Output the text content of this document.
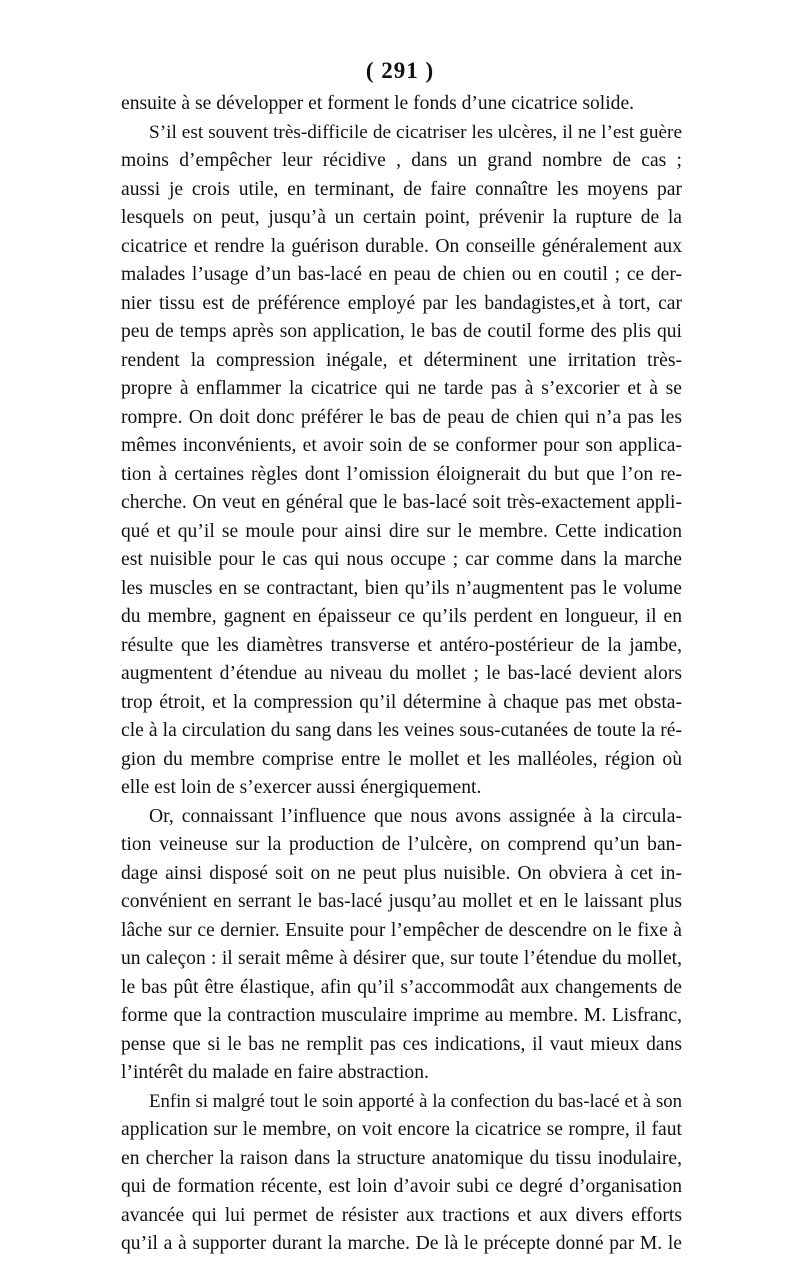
( 291 )
ensuite à se développer et forment le fonds d’une cicatrice solide.
S’il est souvent très-difficile de cicatriser les ulcères, il ne l’est guère
moins d’empêcher leur récidive , dans un grand nombre de cas ;
aussi je crois utile, en terminant, de faire connaître les moyens par
lesquels on peut, jusqu’à un certain point, prévenir la rupture de la
cicatrice et rendre la guérison durable. On conseille généralement aux
malades l’usage d’un bas-lacé en peau de chien ou en coutil ; ce der-
nier tissu est de préférence employé par les bandagistes,et à tort, car
peu de temps après son application, le bas de coutil forme des plis qui
rendent la compression inégale, et déterminent une irritation très-
propre à enflammer la cicatrice qui ne tarde pas à s’excorier et à se
rompre. On doit donc préférer le bas de peau de chien qui n’a pas les
mêmes inconvénients, et avoir soin de se conformer pour son applica-
tion à certaines règles dont l’omission éloignerait du but que l’on re-
cherche. On veut en général que le bas-lacé soit très-exactement appli-
qué et qu’il se moule pour ainsi dire sur le membre. Cette indication
est nuisible pour le cas qui nous occupe ; car comme dans la marche
les muscles en se contractant, bien qu’ils n’augmentent pas le volume
du membre, gagnent en épaisseur ce qu’ils perdent en longueur, il en
résulte que les diamètres transverse et antéro-postérieur de la jambe,
augmentent d’étendue au niveau du mollet ; le bas-lacé devient alors
trop étroit, et la compression qu’il détermine à chaque pas met obsta-
cle à la circulation du sang dans les veines sous-cutanées de toute la ré-
gion du membre comprise entre le mollet et les malléoles, région où
elle est loin de s’exercer aussi énergiquement.
Or, connaissant l’influence que nous avons assignée à la circula-
tion veineuse sur la production de l’ulcère, on comprend qu’un ban-
dage ainsi disposé soit on ne peut plus nuisible. On obviera à cet in-
convénient en serrant le bas-lacé jusqu’au mollet et en le laissant plus
lâche sur ce dernier. Ensuite pour l’empêcher de descendre on le fixe à
un caleçon : il serait même à désirer que, sur toute l’étendue du mollet,
le bas pût être élastique, afin qu’il s’accommodât aux changements de
forme que la contraction musculaire imprime au membre. M. Lisfranc,
pense que si le bas ne remplit pas ces indications, il vaut mieux dans
l’intérêt du malade en faire abstraction.
Enfin si malgré tout le soin apporté à la confection du bas-lacé et à son
application sur le membre, on voit encore la cicatrice se rompre, il faut
en chercher la raison dans la structure anatomique du tissu inodulaire,
qui de formation récente, est loin d’avoir subi ce degré d’organisation
avancée qui lui permet de résister aux tractions et aux divers efforts
qu’il a à supporter durant la marche. De là le précepte donné par M. le
